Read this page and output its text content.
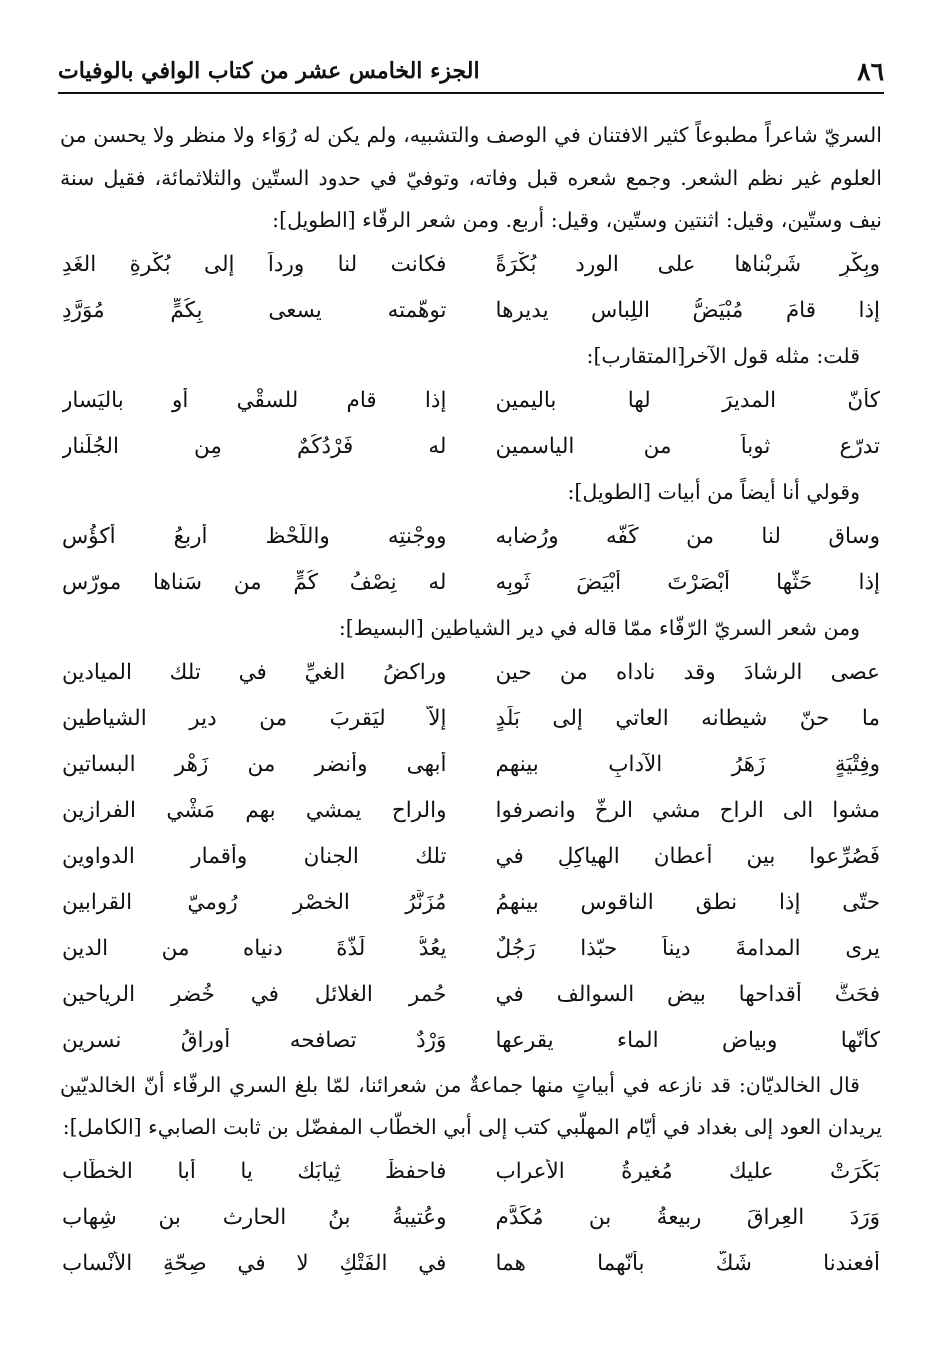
٨٦
الجزء الخامس عشر من كتاب الوافي بالوفيات

السريّ شاعراً مطبوعاً كثير الافتنان في الوصف والتشبيه، ولم يكن له رُوَاء ولا منظر ولا يحسن من العلوم غير نظم الشعر. وجمع شعره قبل وفاته، وتوفيّ في حدود الستّين والثلاثمائة، فقيل سنة نيف وستّين، وقيل: اثنتين وستّين، وقيل: أربع. ومن شعر الرفّاء [الطويل]:

وبِكْرٍ شَرِبْناها على الورد بُكْرَةً
فكانت لنا وِرداً إلى بُكْرةِ الغَدِ
إذا قامَ مُبْيَضُّ اللِباس يديرها
توهّمته يسعى بِكُمٍّ مُوَرَّدِ

قلت: مثله قول الآخر[المتقارب]:

كأنّ المديرَ لها باليمين
إذا قام للسقْيِ أو باليَسار
تدرّع ثوباً من الياسمين
له فَرْدُكُمٌ مِن الجُلَّنار

وقولي أنا أيضاً من أبيات [الطويل]:

وساقٍ لنا من كَفّه ورُضابه
ووجْنتِه واللّحْظ أربعُ أكؤُسِ
إذا حَثّها أبْصَرْتَ أبْيَضَ ثَوبِه
له نِصْفُ كُمٍّ من سَناها مورّسِ

ومن شعر السريّ الرّفّاء ممّا قاله في دير الشياطين [البسيط]:

عصى الرشادَ وقد ناداه من حينِ
وراكضُ الغيِّ في تلك الميادينِ
ما حنّ شيطانه العاتي إلى بَلَدٍ
إلاّ ليَقربَ من دير الشياطينِ
وفِتْيَةٍ زَهَرُ الآدابِ بينهم
أبهى وأنضر من زَهْر البساتينِ
مشوا الى الراح مشي الرخّ وانصرفوا
والراح يمشي بهم مَشْي الفرازينِ
فَصُرِّعوا بين أعطان الهياكِلِ في
تلك الجنان وأقمار الدواوينِ
حتّى إذا نطق الناقوس بينهمُ
مُزَنَّرُ الخصْرِ رُوميّ القرابينِ
يرى المدامةَ ديناً حبّذا رَجُلٌ
يعُدُّ لَذّةَ دنياه من الدينِ
فحَثَّ أقداحها بيض السوالف في
حُمر الغلائل في خُضرِ الرياحينِ
كأنّها وبياض الماء يقرعها
وَرْدٌ تصافحه أوراقُ نسرينِ

قال الخالديّان: قد نازعه في أبياتٍ منها جماعةٌ من شعرائنا، لمّا بلغ السري الرفّاء أنّ الخالديّين يريدان العود إلى بغداد في أيّام المهلّبي كتب إلى أبي الخطّاب المفضّل بن ثابت الصابيء [الكامل]:

بَكَرَتْ عليك مُغيرةُ الأعراب
فاحفظْ ثِيابَك يا أبا الخطّاب
وَرَدَ العِراقَ ربيعةُ بن مُكَدَّمٍ
وعُتيبةُ بنُ الحارث بن شِهاب
أفعندنا شَكٌّ بأنّهما هما
في الفَتْكِ لا في صِحّةِ الأنْساب
